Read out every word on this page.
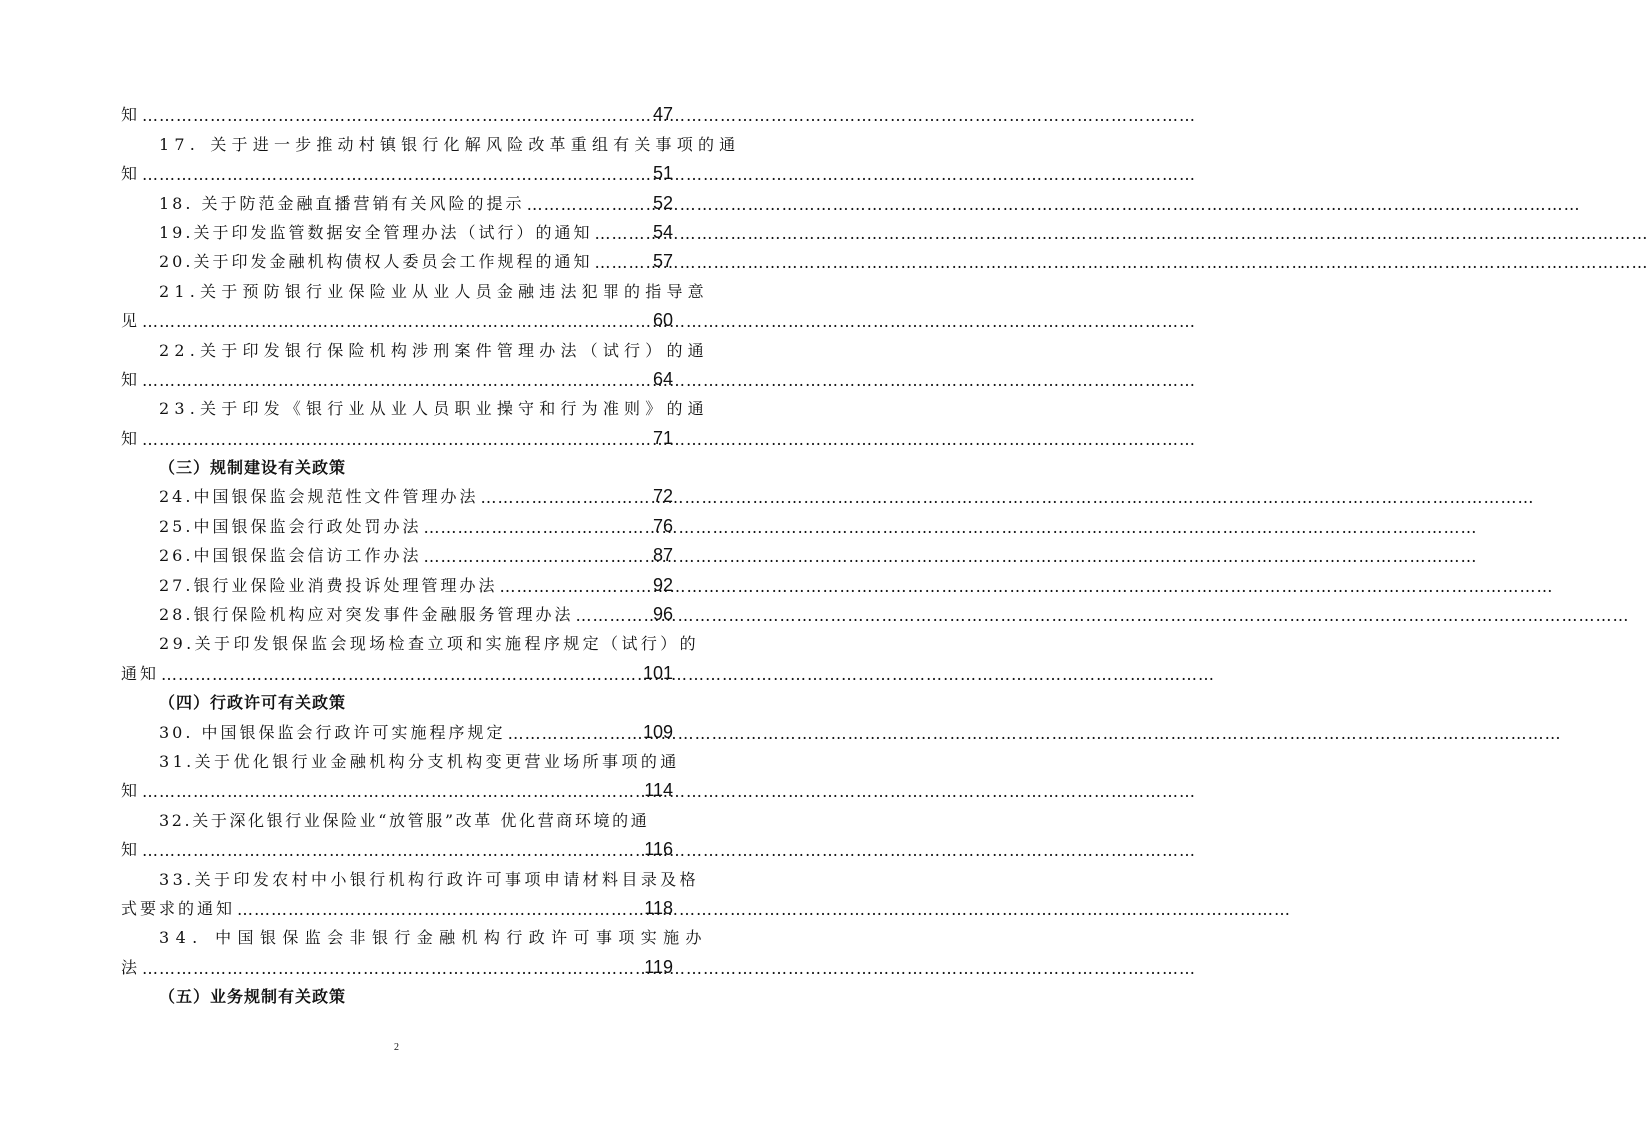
知 ……………………………………………………………………………………………………………………………………………………………………	47
17. 关于进一步推动村镇银行化解风险改革重组有关事项的通
知 ……………………………………………………………………………………………………………………………………………………………………	51
18. 关于防范金融直播营销有关风险的提示 ……………………………………………………………………………………………………………………………………………………………………	52
19.关于印发监管数据安全管理办法（试行）的通知 ……………………………………………………………………………………………………………………………………………………………………	54
20.关于印发金融机构债权人委员会工作规程的通知 ……………………………………………………………………………………………………………………………………………………………………	57
21.关于预防银行业保险业从业人员金融违法犯罪的指导意
见 ……………………………………………………………………………………………………………………………………………………………………	60
22.关于印发银行保险机构涉刑案件管理办法（试行）的通
知 ……………………………………………………………………………………………………………………………………………………………………	64
23.关于印发《银行业从业人员职业操守和行为准则》的通
知 ……………………………………………………………………………………………………………………………………………………………………	71
（三）规制建设有关政策
24.中国银保监会规范性文件管理办法 ……………………………………………………………………………………………………………………………………………………………………	72
25.中国银保监会行政处罚办法 ……………………………………………………………………………………………………………………………………………………………………	76
26.中国银保监会信访工作办法 ……………………………………………………………………………………………………………………………………………………………………	87
27.银行业保险业消费投诉处理管理办法 ……………………………………………………………………………………………………………………………………………………………………	92
28.银行保险机构应对突发事件金融服务管理办法 ……………………………………………………………………………………………………………………………………………………………………	96
29.关于印发银保监会现场检查立项和实施程序规定（试行）的
通知 ……………………………………………………………………………………………………………………………………………………………………	101
（四）行政许可有关政策
30. 中国银保监会行政许可实施程序规定 ……………………………………………………………………………………………………………………………………………………………………	109
31.关于优化银行业金融机构分支机构变更营业场所事项的通
知 ……………………………………………………………………………………………………………………………………………………………………	114
32.关于深化银行业保险业“放管服”改革 优化营商环境的通
知 ……………………………………………………………………………………………………………………………………………………………………	116
33.关于印发农村中小银行机构行政许可事项申请材料目录及格
式要求的通知 ……………………………………………………………………………………………………………………………………………………………………	118
34. 中国银保监会非银行金融机构行政许可事项实施办
法 ……………………………………………………………………………………………………………………………………………………………………	119
（五）业务规制有关政策
2
